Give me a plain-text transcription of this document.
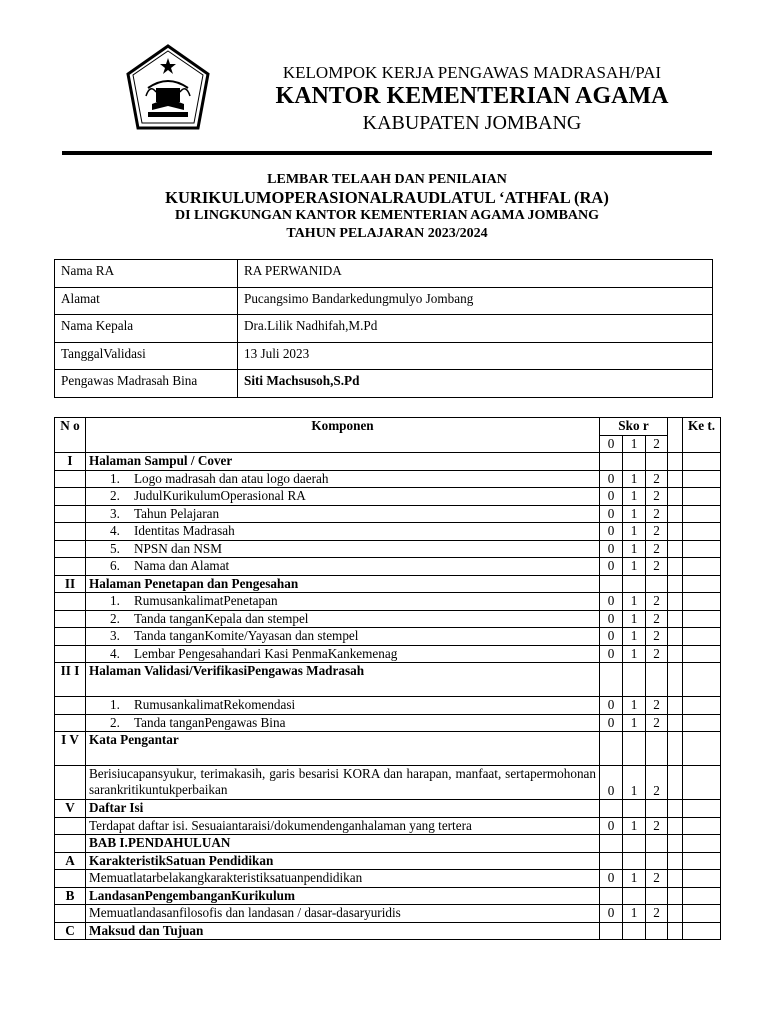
KELOMPOK KERJA PENGAWAS MADRASAH/PAI
KANTOR KEMENTERIAN AGAMA
KABUPATEN JOMBANG
LEMBAR TELAAH DAN PENILAIAN
KURIKULUMOPERASIONALRAUDLATUL ‘ATHFAL (RA)
DI LINGKUNGAN KANTOR KEMENTERIAN AGAMA JOMBANG
TAHUN PELAJARAN 2023/2024
Nama RA	RA PERWANIDA
Alamat	Pucangsimo Bandarkedungmulyo Jombang
Nama Kepala	Dra.Lilik Nadhifah,M.Pd
TanggalValidasi	13 Juli 2023
Pengawas Madrasah Bina	Siti Machsusoh,S.Pd
N o	Komponen	Sko r				Ke t.
		0	1	2		
I	Halaman Sampul / Cover					
	1. Logo madrasah dan atau logo daerah	0	1	2		
	2. JudulKurikulumOperasional RA	0	1	2		
	3. Tahun Pelajaran	0	1	2		
	4. Identitas Madrasah	0	1	2		
	5. NPSN dan NSM	0	1	2		
	6. Nama dan Alamat	0	1	2		
II	Halaman Penetapan dan Pengesahan					
	1. RumusankalimatPenetapan	0	1	2		
	2. Tanda tanganKepala dan stempel	0	1	2		
	3. Tanda tanganKomite/Yayasan dan stempel	0	1	2		
	4. Lembar Pengesahandari Kasi PenmaKankemenag	0	1	2		
II I	Halaman Validasi/VerifikasiPengawas Madrasah					
	1. RumusankalimatRekomendasi	0	1	2		
	2. Tanda tanganPengawas Bina	0	1	2		
I V	Kata Pengantar					
	Berisiucapansyukur, terimakasih, garis besarisi KORA dan harapan, manfaat, sertapermohonan sarankritikuntukperbaikan	0	1	2		
V	Daftar Isi					
	Terdapat daftar isi. Sesuaiantaraisi/dokumendenganhalaman yang tertera	0	1	2		
	BAB I.PENDAHULUAN					
A	KarakteristikSatuan Pendidikan					
	Memuatlatarbelakangkarakteristiksatuanpendidikan	0	1	2		
B	LandasanPengembanganKurikulum					
	Memuatlandasanfilosofis dan landasan / dasar-dasaryuridis	0	1	2		
C	Maksud dan Tujuan					
